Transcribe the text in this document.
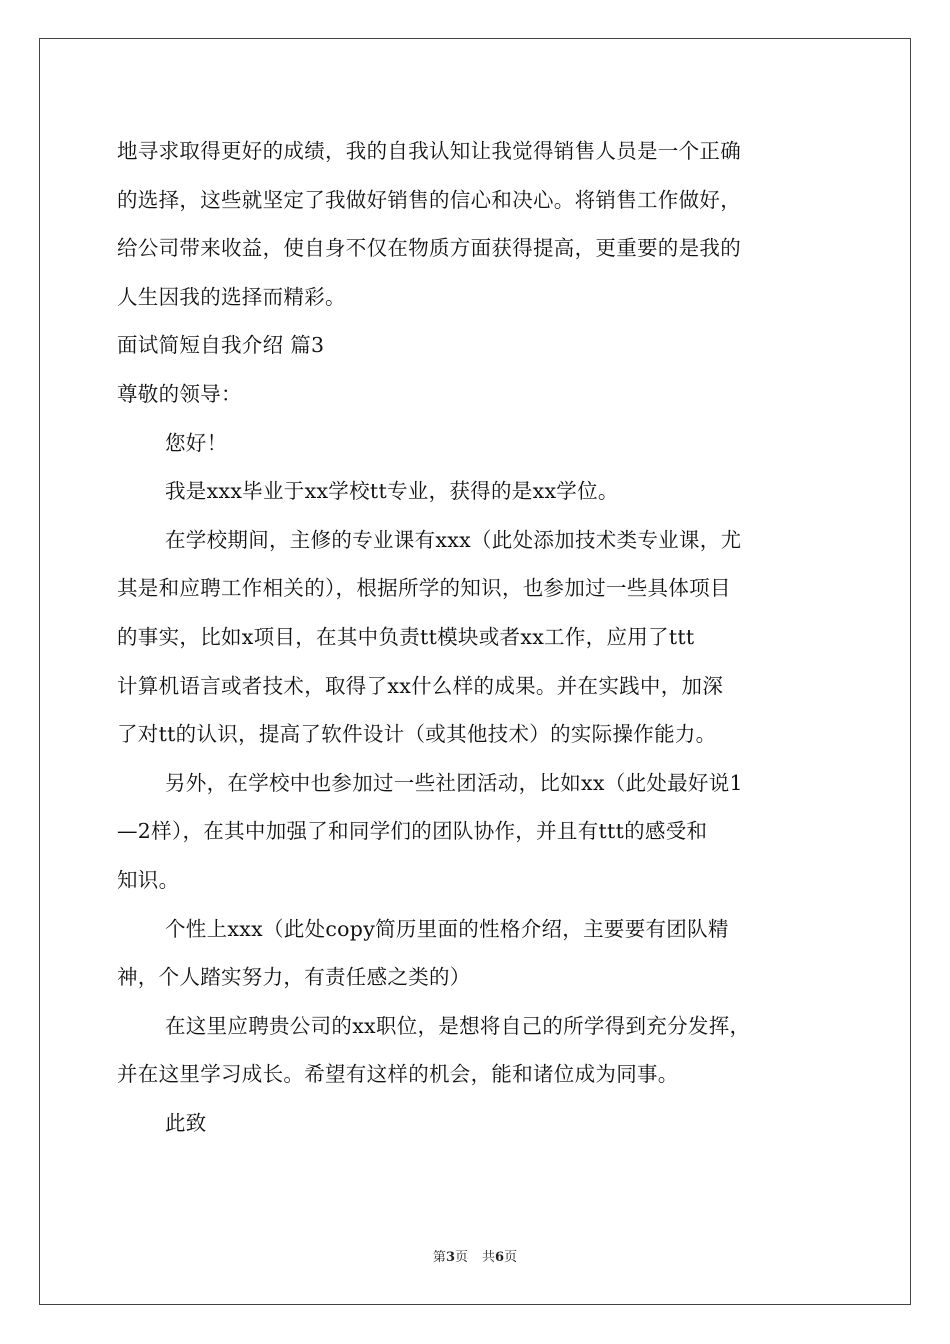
地寻求取得更好的成绩，我的自我认知让我觉得销售人员是一个正确
的选择，这些就坚定了我做好销售的信心和决心。将销售工作做好，
给公司带来收益，使自身不仅在物质方面获得提高，更重要的是我的
人生因我的选择而精彩。
面试简短自我介绍 篇3
尊敬的领导：
您好！
我是xxx毕业于xx学校tt专业，获得的是xx学位。
在学校期间，主修的专业课有xxx（此处添加技术类专业课，尤
其是和应聘工作相关的），根据所学的知识，也参加过一些具体项目
的事实，比如x项目，在其中负责tt模块或者xx工作，应用了ttt
计算机语言或者技术，取得了xx什么样的成果。并在实践中，加深
了对tt的认识，提高了软件设计（或其他技术）的实际操作能力。
另外，在学校中也参加过一些社团活动，比如xx（此处最好说1
—2样），在其中加强了和同学们的团队协作，并且有ttt的感受和
知识。
个性上xxx（此处copy简历里面的性格介绍，主要要有团队精
神，个人踏实努力，有责任感之类的）
在这里应聘贵公司的xx职位，是想将自己的所学得到充分发挥，
并在这里学习成长。希望有这样的机会，能和诸位成为同事。
此致
第3页 共6页
